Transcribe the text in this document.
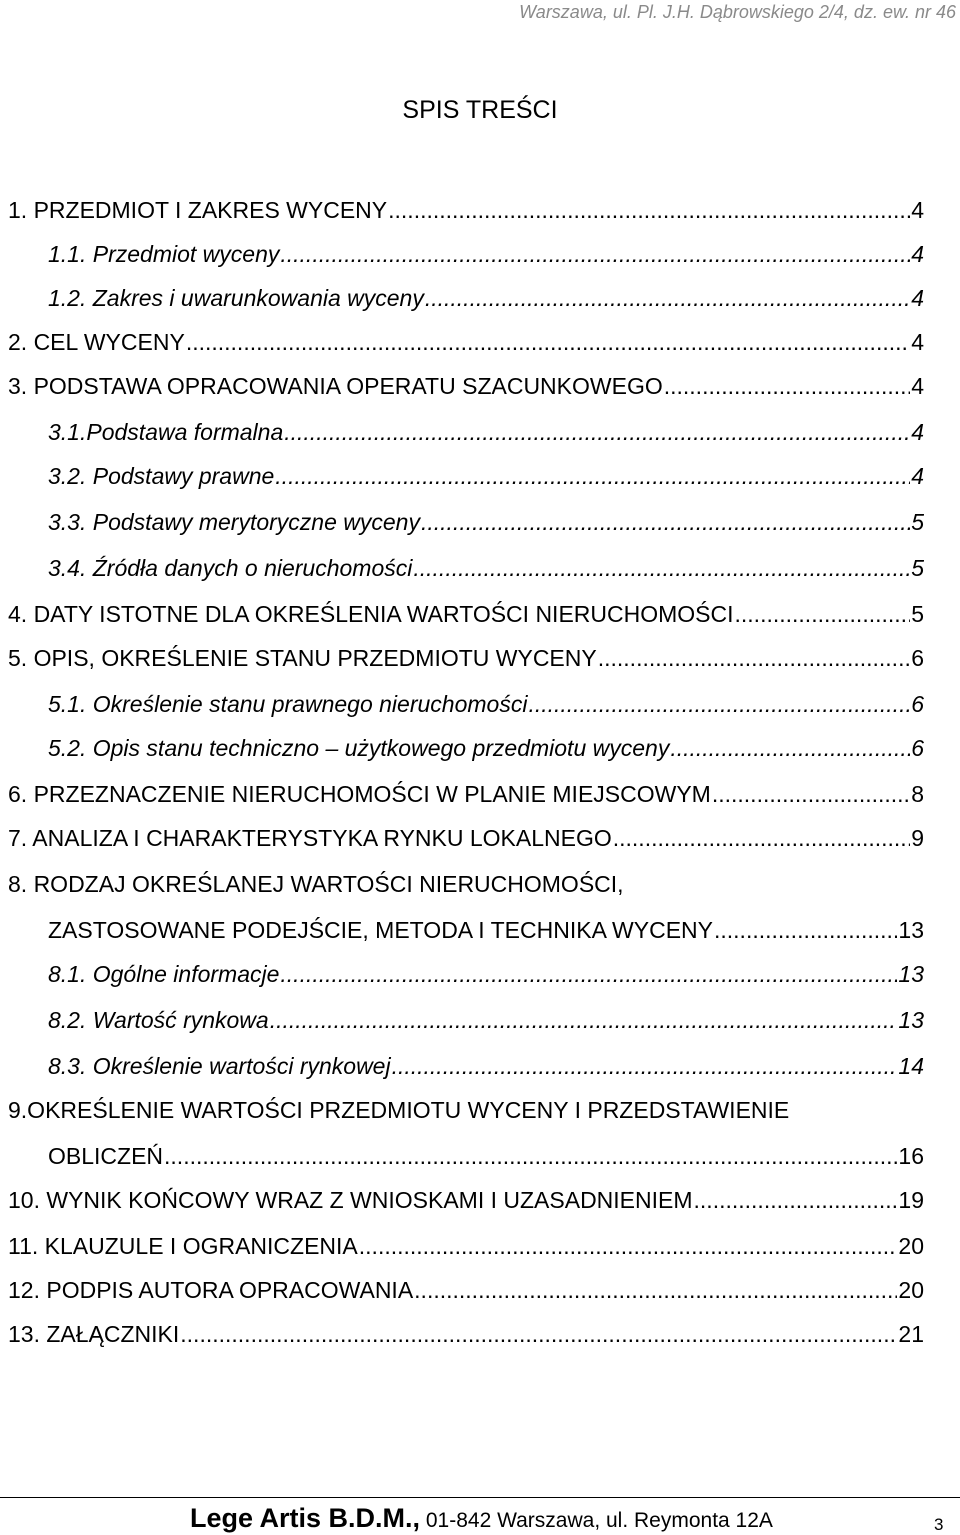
Warszawa, ul. Pl. J.H. Dąbrowskiego 2/4, dz. ew. nr 46
SPIS TREŚCI
1. PRZEDMIOT I ZAKRES WYCENY .....	4
1.1. Przedmiot wyceny .....	4
1.2. Zakres i uwarunkowania wyceny .....	4
2. CEL WYCENY .....	4
3. PODSTAWA OPRACOWANIA OPERATU SZACUNKOWEGO .....	4
3.1.Podstawa formalna .....	4
3.2. Podstawy prawne .....	4
3.3. Podstawy merytoryczne wyceny .....	5
3.4. Źródła danych o nieruchomości .....	5
4. DATY ISTOTNE DLA OKREŚLENIA WARTOŚCI NIERUCHOMOŚCI .....	5
5. OPIS, OKREŚLENIE STANU PRZEDMIOTU WYCENY .....	6
5.1. Określenie stanu prawnego nieruchomości .....	6
5.2. Opis stanu techniczno – użytkowego przedmiotu wyceny .....	6
6. PRZEZNACZENIE NIERUCHOMOŚCI W PLANIE MIEJSCOWYM .....	8
7. ANALIZA I CHARAKTERYSTYKA RYNKU LOKALNEGO .....	9
8. RODZAJ OKREŚLANEJ WARTOŚCI NIERUCHOMOŚCI,
ZASTOSOWANE PODEJŚCIE, METODA I TECHNIKA WYCENY .....	13
8.1. Ogólne informacje .....	13
8.2. Wartość rynkowa .....	13
8.3. Określenie wartości rynkowej .....	14
9.OKREŚLENIE WARTOŚCI PRZEDMIOTU WYCENY I PRZEDSTAWIENIE
OBLICZEŃ .....	16
10. WYNIK KOŃCOWY WRAZ Z WNIOSKAMI I UZASADNIENIEM .....	19
11. KLAUZULE I OGRANICZENIA .....	20
12. PODPIS AUTORA OPRACOWANIA .....	20
13. ZAŁĄCZNIKI .....	21
Lege Artis B.D.M., 01-842 Warszawa, ul. Reymonta 12A	3
